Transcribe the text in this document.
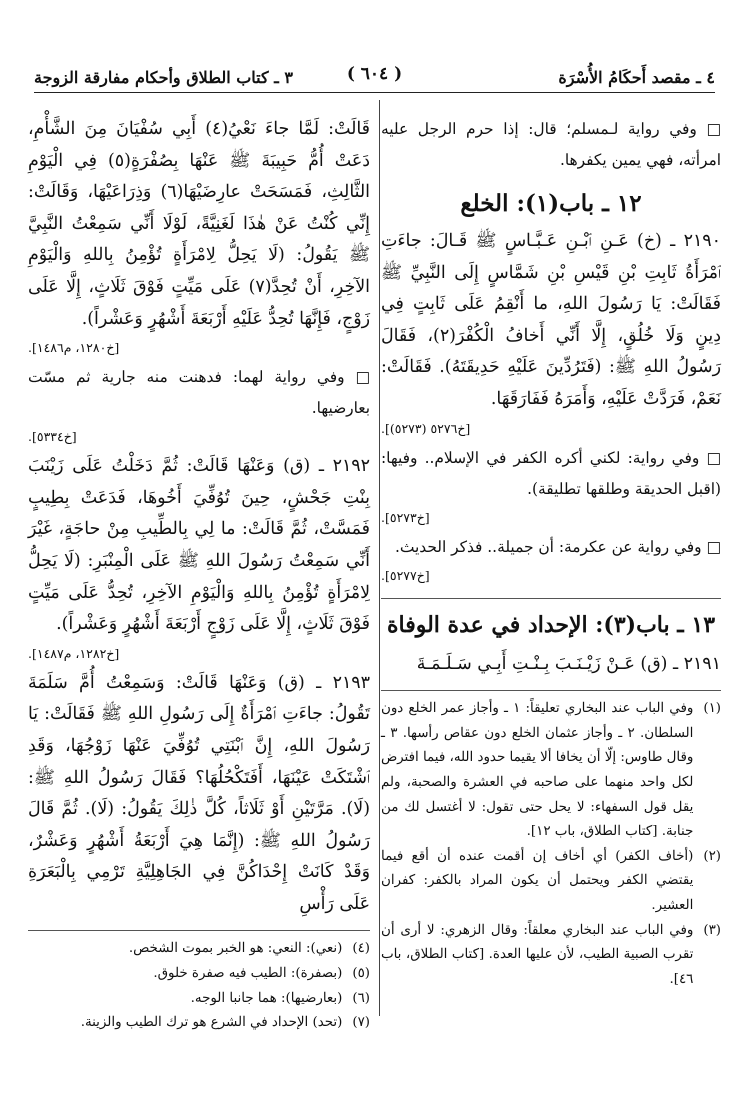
٤ ـ مقصد أَحكَامُ الأُسْرَة
( ٦٠٤ )
٣ ـ كتاب الطلاق وأحكام مفارقة الزوجة

□ وفي رواية لـمسلم؛ قال: إذا حرم الرجل عليه امرأته، فهي يمين يكفرها.

١٢ ـ باب(١): الخلع

٢١٩٠ ـ (خ) عَـنِ ٱبْـنِ عَـبَّـاسٍ ﷺ قَـالَ: جاءَتِ ٱمْرَأَةُ ثَابِتِ بْنِ قَيْسِ بْنِ شَمَّاسٍ إِلَى النَّبِيِّ ﷺ فَقَالَتْ: يَا رَسُولَ اللهِ، ما أَنْقِمُ عَلَى ثَابِتٍ فِي دِينٍ وَلَا خُلُقٍ، إِلَّا أَنِّي أَخافُ الْكُفْرَ(٢)، فَقَالَ رَسُولُ اللهِ ﷺ: (فَتَرُدِّينَ عَلَيْهِ حَدِيقَتَهُ). فَقَالَتْ: نَعَمْ، فَرَدَّتْ عَلَيْهِ، وَأَمَرَهُ فَفَارَقَهَا.

[خ٥٢٧٦ (٥٢٧٣)].

□ وفي رواية: لكني أكره الكفر في الإسلام.. وفيها: (اقبل الحديقة وطلقها تطليقة).

[خ٥٢٧٣].

□ وفي رواية عن عكرمة: أن جميلة.. فذكر الحديث.

[خ٥٢٧٧].
١٣ ـ باب(٣): الإحداد في عدة الوفاة

٢١٩١ ـ (ق) عَـنْ زَيْـنَـبَ بِـنْـتِ أَبِـي سَـلَـمَـةَ

(١)
وفي الباب عند البخاري تعليقاً: ١ ـ وأجاز عمر الخلع دون السلطان. ٢ ـ وأجاز عثمان الخلع دون عقاص رأسها. ٣ ـ وقال طاوس: إلّا أن يخافا ألا يقيما حدود الله، فيما افترض لكل واحد منهما على صاحبه في العشرة والصحبة، ولم يقل قول السفهاء: لا يحل حتى تقول: لا أغتسل لك من جنابة. [كتاب الطلاق، باب ١٢].
(٢)
(أخاف الكفر) أي أخاف إن أقمت عنده أن أقع فيما يقتضي الكفر ويحتمل أن يكون المراد بالكفر: كفران العشير.
(٣)
وفي الباب عند البخاري معلقاً: وقال الزهري: لا أرى أن تقرب الصبية الطيب، لأن عليها العدة. [كتاب الطلاق، باب ٤٦].

قَالَتْ: لَمَّا جاءَ نَعْيُ(٤) أَبِي سُفْيَانَ مِنَ الشَّأْمِ، دَعَتْ أُمُّ حَبِيبَةَ ﷺ عَنْهَا بِصُفْرَةٍ(٥) فِي الْيَوْمِ الثَّالِثِ، فَمَسَحَتْ عارِضَيْهَا(٦) وَذِرَاعَيْهَا، وَقَالَتْ: إِنِّي كُنْتُ عَنْ هٰذَا لَغَنِيَّةً، لَوْلَا أَنِّي سَمِعْتُ النَّبِيَّ ﷺ يَقُولُ: (لَا يَحِلُّ لِامْرَأَةٍ تُؤْمِنُ بِاللهِ وَالْيَوْمِ الآخِرِ، أَنْ تُحِدَّ(٧) عَلَى مَيِّتٍ فَوْقَ ثَلَاثٍ، إِلَّا عَلَى زَوْجٍ، فَإِنَّهَا تُحِدُّ عَلَيْهِ أَرْبَعَةَ أَشْهُرٍ وَعَشْراً).

[خ١٢٨٠، م١٤٨٦].

□ وفي رواية لهما: فدهنت منه جارية ثم مسّت بعارضيها.

[خ٥٣٣٤].

٢١٩٢ ـ (ق) وَعَنْهَا قَالَتْ: ثُمَّ دَخَلْتُ عَلَى زَيْنَبَ بِنْتِ جَحْشٍ، حِينَ تُوُفِّيَ أَخُوهَا، فَدَعَتْ بِطِيبٍ فَمَسَّتْ، ثُمَّ قَالَتْ: ما لِي بِالطِّيبِ مِنْ حاجَةٍ، غَيْرَ أَنِّي سَمِعْتُ رَسُولَ اللهِ ﷺ عَلَى الْمِنْبَرِ: (لَا يَحِلُّ لِامْرَأَةٍ تُؤْمِنُ بِاللهِ وَالْيَوْمِ الآخِرِ، تُحِدُّ عَلَى مَيِّتٍ فَوْقَ ثَلَاثٍ، إِلَّا عَلَى زَوْجٍ أَرْبَعَةَ أَشْهُرٍ وَعَشْراً).

[خ١٢٨٢، م١٤٨٧].

٢١٩٣ ـ (ق) وَعَنْهَا قَالَتْ: وَسَمِعْتُ أُمَّ سَلَمَةَ تَقُولُ: جاءَتِ ٱمْرَأَةٌ إِلَى رَسُولِ اللهِ ﷺ فَقَالَتْ: يَا رَسُولَ اللهِ، إِنَّ ٱبْنَتِي تُوُفِّيَ عَنْهَا زَوْجُهَا، وَقَدِ ٱشْتَكَتْ عَيْنَهَا، أَفَتَكْحُلُهَا؟ فَقَالَ رَسُولُ اللهِ ﷺ: (لَا). مَرَّتَيْنِ أَوْ ثَلَاثاً، كُلَّ ذٰلِكَ يَقُولُ: (لَا). ثُمَّ قَالَ رَسُولُ اللهِ ﷺ: (إِنَّمَا هِيَ أَرْبَعَةُ أَشْهُرٍ وَعَشْرٌ، وَقَدْ كَانَتْ إِحْدَاكُنَّ فِي الجَاهِلِيَّةِ تَرْمِي بِالْبَعَرَةِ عَلَى رَأْسِ

(٤)
(نعي): النعي: هو الخبر بموت الشخص.
(٥)
(بصفرة): الطيب فيه صفرة خلوق.
(٦)
(بعارضيها): هما جانبا الوجه.
(٧)
(تحد) الإحداد في الشرع هو ترك الطيب والزينة.
